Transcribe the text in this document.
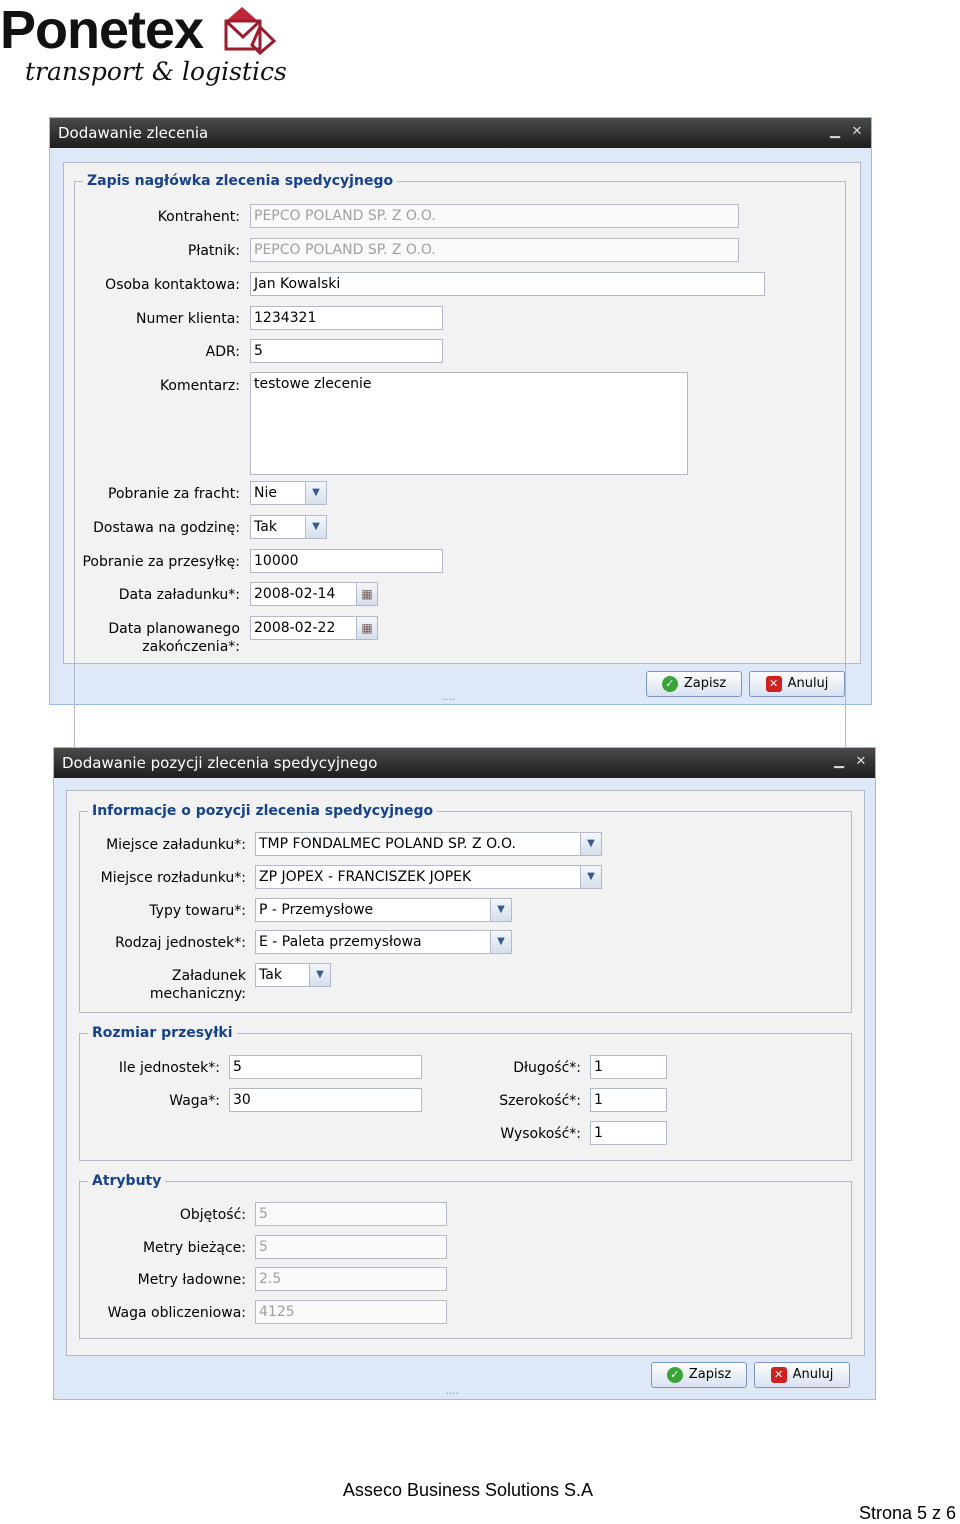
Ponetex
transport & logistics
Dodawanie zlecenia	▁ ✕
Zapis nagłówka zlecenia spedycyjnego
Kontrahent: PEPCO POLAND SP. Z O.O.
Płatnik: PEPCO POLAND SP. Z O.O.
Osoba kontaktowa: Jan Kowalski
Numer klienta: 1234321
ADR: 5
Komentarz: testowe zlecenie
Pobranie za fracht: Nie	▼
Dostawa na godzinę: Tak	▼
Pobranie za przesyłkę: 10000
Data załadunku*: 2008-02-14	▦
Data planowanego
zakończenia*:
2008-02-22	▦
✓ Zapisz	✕ Anuluj
····
Dodawanie pozycji zlecenia spedycyjnego	▁ ✕
Informacje o pozycji zlecenia spedycyjnego
Miejsce załadunku*: TMP FONDALMEC POLAND SP. Z O.O.	▼
Miejsce rozładunku*: ZP JOPEX - FRANCISZEK JOPEK	▼
Typy towaru*: P - Przemysłowe	▼
Rodzaj jednostek*: E - Paleta przemysłowa	▼
Załadunek
mechaniczny:
Tak	▼
Rozmiar przesyłki
Ile jednostek*: 5
Waga*: 30
Długość*: 1
Szerokość*: 1
Wysokość*: 1
Atrybuty
Objętość: 5
Metry bieżące: 5
Metry ładowne: 2.5
Waga obliczeniowa: 4125
✓ Zapisz	✕ Anuluj
····
Asseco Business Solutions S.A
Strona 5 z 6
